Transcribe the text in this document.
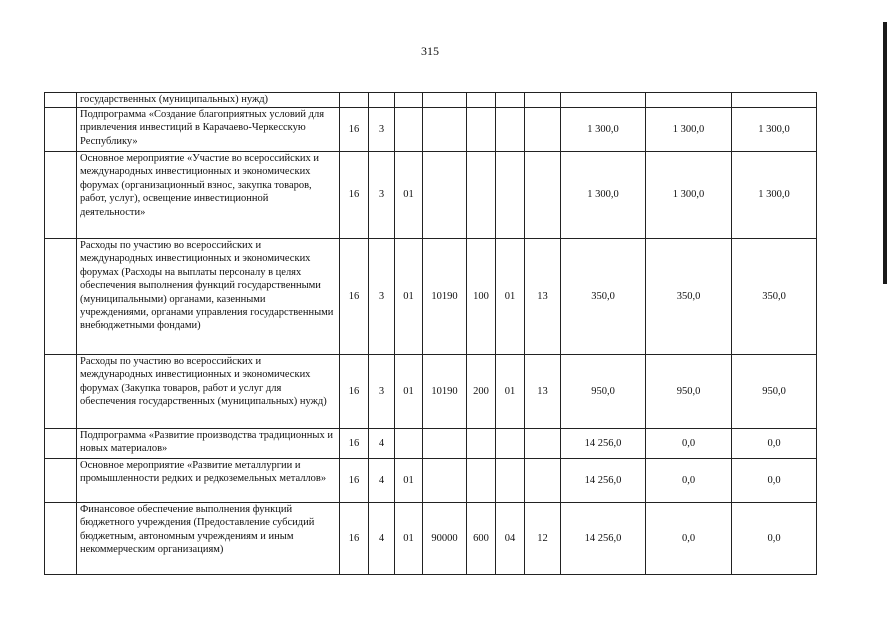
315
	государственных (муниципальных) нужд)										
	Подпрограмма «Создание благоприятных условий для привлечения инвестиций в Карачаево-Черкесскую Республику»	16	3						1 300,0	1 300,0	1 300,0
	Основное мероприятие «Участие во всероссийских и международных инвестиционных и экономических форумах (организационный взнос, закупка товаров, работ, услуг), освещение инвестиционной деятельности»	16	3	01					1 300,0	1 300,0	1 300,0
	Расходы по участию во всероссийских и международных инвестиционных и экономических форумах (Расходы на выплаты персоналу в целях обеспечения выполнения функций государственными (муниципальными) органами, казенными учреждениями, органами управления государственными внебюджетными фондами)	16	3	01	10190	100	01	13	350,0	350,0	350,0
	Расходы по участию во всероссийских и международных инвестиционных и экономических форумах (Закупка товаров, работ и услуг для обеспечения государственных (муниципальных) нужд)	16	3	01	10190	200	01	13	950,0	950,0	950,0
	Подпрограмма «Развитие производства традиционных и новых материалов»	16	4						14 256,0	0,0	0,0
	Основное мероприятие «Развитие металлургии и промышленности редких и редкоземельных металлов»	16	4	01					14 256,0	0,0	0,0
	Финансовое обеспечение выполнения функций бюджетного учреждения (Предоставление субсидий бюджетным, автономным учреждениям и иным некоммерческим организациям)	16	4	01	90000	600	04	12	14 256,0	0,0	0,0
